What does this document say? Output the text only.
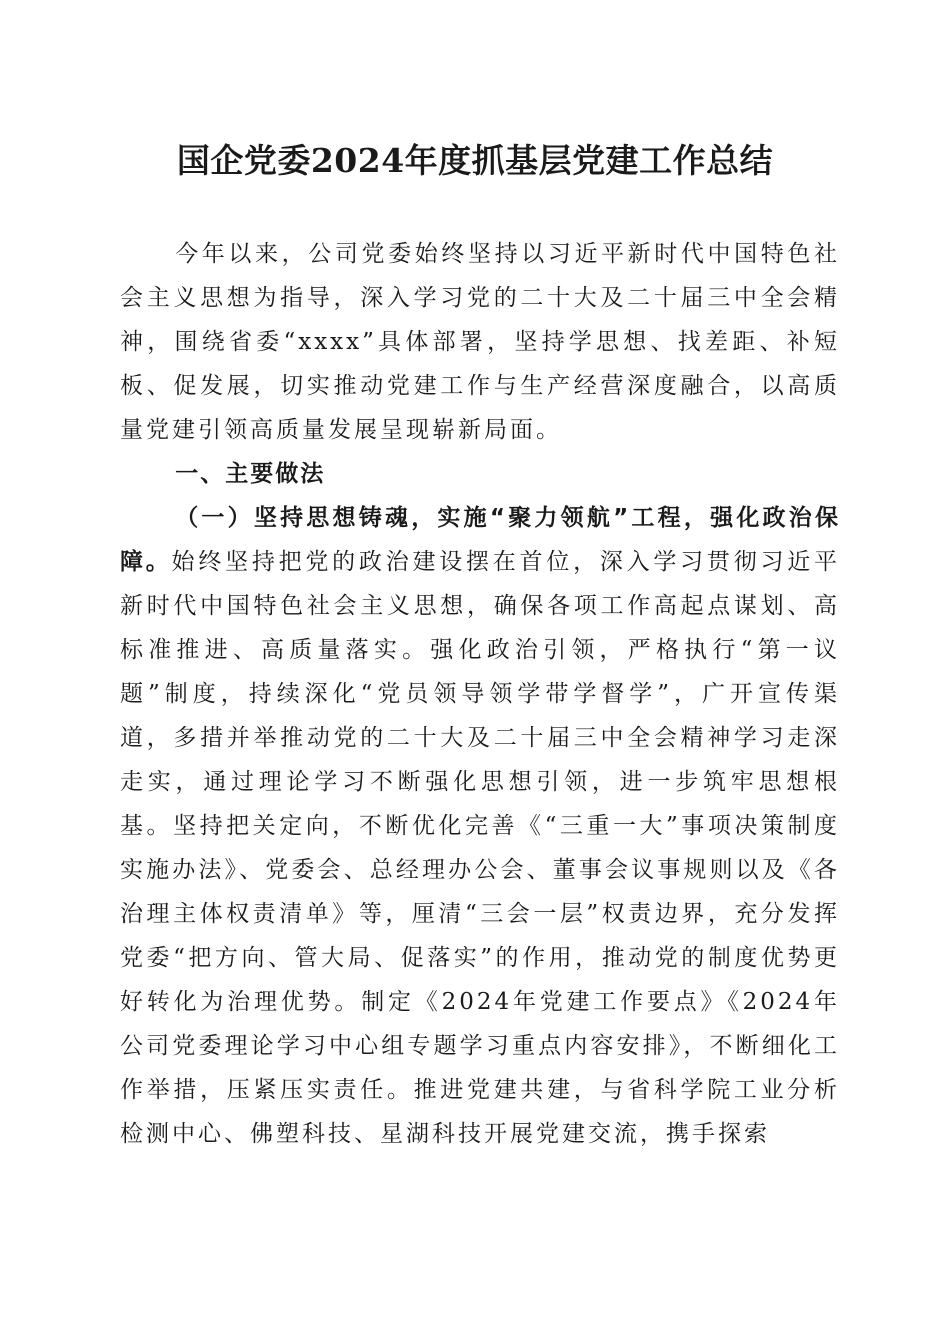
国企党委2024年度抓基层党建工作总结

今年以来，公司党委始终坚持以习近平新时代中国特色社会主义思想为指导，深入学习党的二十大及二十届三中全会精神，围绕省委“xxxx”具体部署，坚持学思想、找差距、补短板、促发展，切实推动党建工作与生产经营深度融合，以高质量党建引领高质量发展呈现崭新局面。

一、主要做法

（一）坚持思想铸魂，实施“聚力领航”工程，强化政治保障。始终坚持把党的政治建设摆在首位，深入学习贯彻习近平新时代中国特色社会主义思想，确保各项工作高起点谋划、高标准推进、高质量落实。强化政治引领，严格执行“第一议题”制度，持续深化“党员领导领学带学督学”，广开宣传渠道，多措并举推动党的二十大及二十届三中全会精神学习走深走实，通过理论学习不断强化思想引领，进一步筑牢思想根基。坚持把关定向，不断优化完善《“三重一大”事项决策制度实施办法》、党委会、总经理办公会、董事会议事规则以及《各治理主体权责清单》等，厘清“三会一层”权责边界，充分发挥党委“把方向、管大局、促落实”的作用，推动党的制度优势更好转化为治理优势。制定《2024年党建工作要点》《2024年公司党委理论学习中心组专题学习重点内容安排》，不断细化工作举措，压紧压实责任。推进党建共建，与省科学院工业分析检测中心、佛塑科技、星湖科技开展党建交流，携手探索
